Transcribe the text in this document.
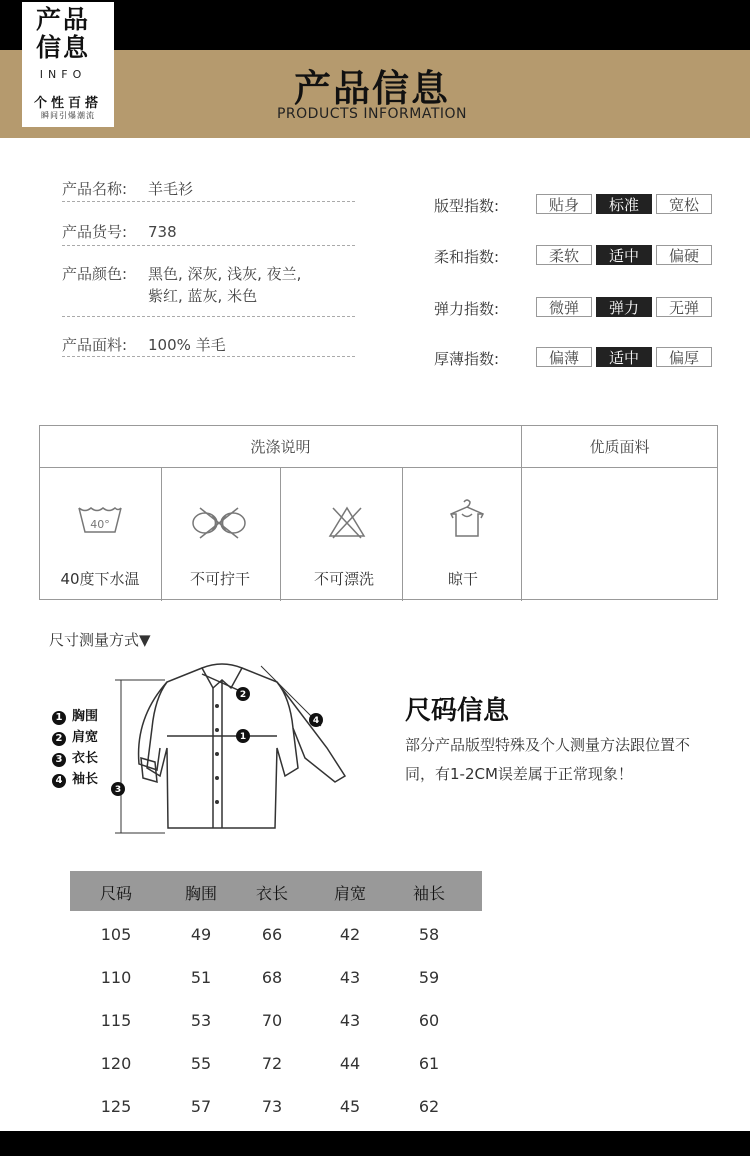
产品
信息
INFO
个性百搭
瞬间引爆潮流
产品信息
PRODUCTS INFORMATION
产品名称: 羊毛衫
产品货号: 738
产品颜色: 黑色, 深灰, 浅灰, 夜兰,
紫红, 蓝灰, 米色
产品面料: 100% 羊毛
版型指数:	贴身	标准	宽松
柔和指数:	柔软	适中	偏硬
弹力指数:	微弹	弹力	无弹
厚薄指数:	偏薄	适中	偏厚
洗涤说明	优质面料
40°
40度下水温	不可拧干	不可漂洗	晾干
尺寸测量方式▼
1 胸围
2 肩宽
3 衣长
4 袖长
1
2
3
4	尺码信息
部分产品版型特殊及个人测量方法跟位置不同，有1-2CM误差属于正常现象！
尺码	胸围	衣长	肩宽	袖长
105	49	66	42	58
110	51	68	43	59
115	53	70	43	60
120	55	72	44	61
125	57	73	45	62
